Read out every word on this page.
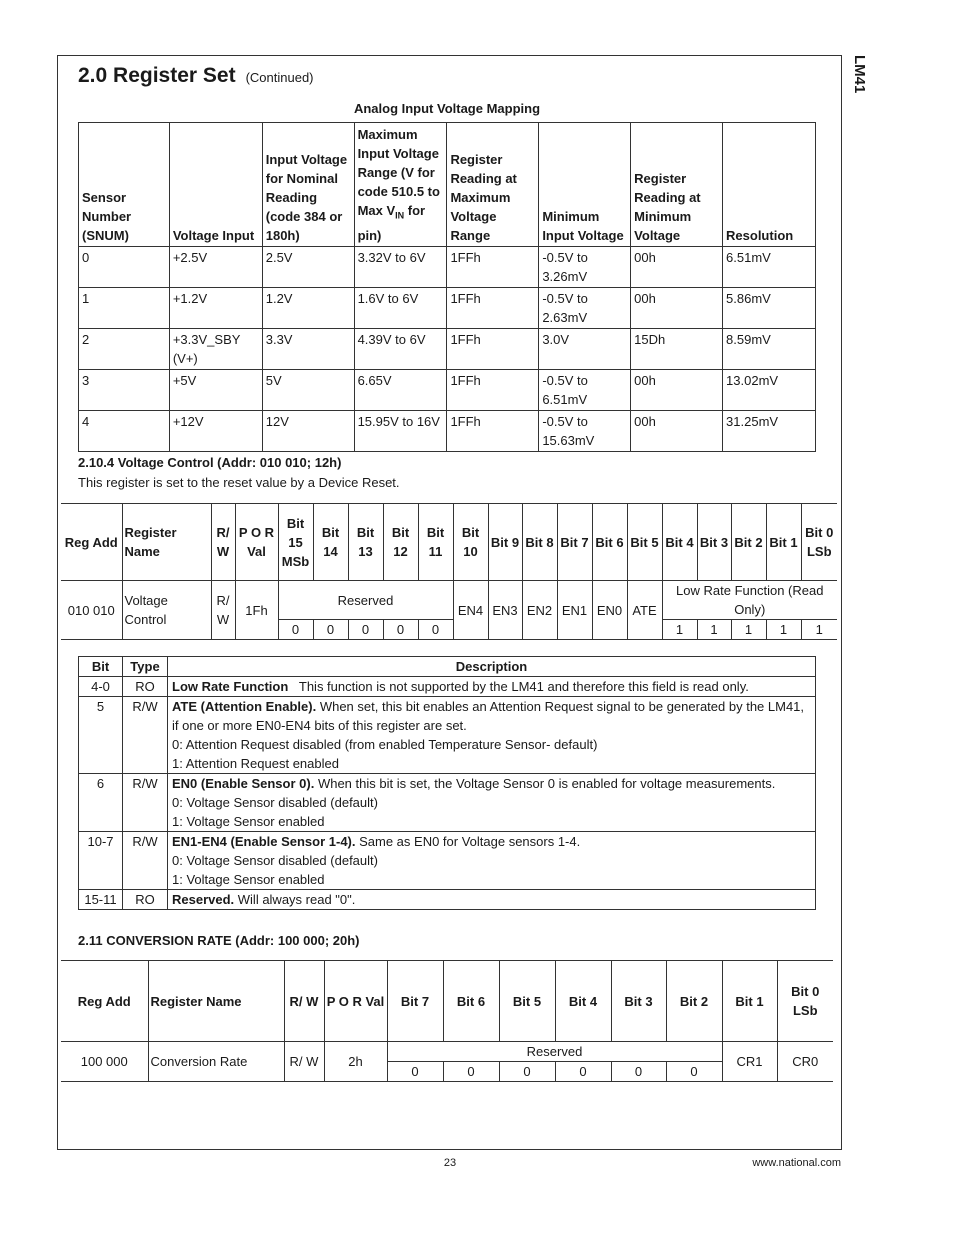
LM41
2.0 Register Set (Continued)
Analog Input Voltage Mapping
Sensor Number (SNUM)	Voltage Input	Input Voltage for Nominal Reading (code 384 or 180h)	Maximum Input Voltage Range (V for code 510.5 to Max $V_{IN}$ for pin)	Register Reading at Maximum Voltage Range	Minimum Input Voltage	Register Reading at Minimum Voltage	Resolution
0	+2.5V	2.5V	3.32V to 6V	1FFh	-0.5V to 3.26mV	00h	6.51mV
1	+1.2V	1.2V	1.6V to 6V	1FFh	-0.5V to 2.63mV	00h	5.86mV
2	+3.3V_SBY (V+)	3.3V	4.39V to 6V	1FFh	3.0V	15Dh	8.59mV
3	+5V	5V	6.65V	1FFh	-0.5V to 6.51mV	00h	13.02mV
4	+12V	12V	15.95V to 16V	1FFh	-0.5V to 15.63mV	00h	31.25mV
2.10.4 Voltage Control (Addr: 010 010; 12h)
This register is set to the reset value by a Device Reset.
Reg Add	Register Name	R/ W	P O R Val	Bit 15 MSb	Bit 14	Bit 13	Bit 12	Bit 11	Bit 10	Bit 9	Bit 8	Bit 7	Bit 6	Bit 5	Bit 4	Bit 3	Bit 2	Bit 1	Bit 0 LSb
010 010	Voltage Control	R/ W	1Fh	Reserved					EN4	EN3	EN2	EN1	EN0	ATE	Low Rate Function (Read Only)				
				0	0	0	0	0							1	1	1	1	1
Bit	Type	Description
4-0	RO	Low Rate Function   This function is not supported by the LM41 and therefore this field is read only.

5	R/W	ATE (Attention Enable). When set, this bit enables an Attention Request signal to be generated by the LM41, if one or more EN0-EN4 bits of this register are set.
0: Attention Request disabled (from enabled Temperature Sensor- default)
1: Attention Request enabled

6	R/W	EN0 (Enable Sensor 0). When this bit is set, the Voltage Sensor 0 is enabled for voltage measurements.
0: Voltage Sensor disabled (default)
1: Voltage Sensor enabled

10-7	R/W	EN1-EN4 (Enable Sensor 1-4). Same as EN0 for Voltage sensors 1-4.
0: Voltage Sensor disabled (default)
1: Voltage Sensor enabled

15-11	RO	Reserved. Will always read "0".
2.11 CONVERSION RATE (Addr: 100 000; 20h)
Reg Add	Register Name	R/ W	P O R Val	Bit 7	Bit 6	Bit 5	Bit 4	Bit 3	Bit 2	Bit 1	Bit 0 LSb
100 000	Conversion Rate	R/ W	2h	Reserved						CR1	CR0
				0	0	0	0	0	0		
23	www.national.com
